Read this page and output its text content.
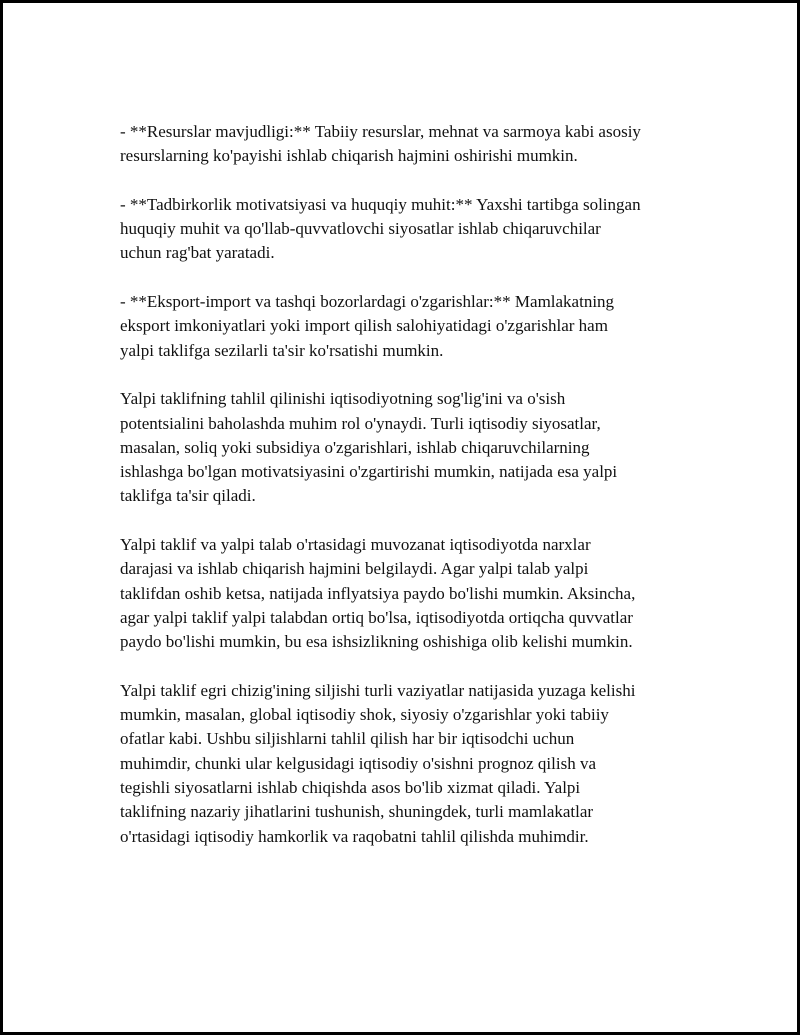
- **Resurslar mavjudligi:** Tabiiy resurslar, mehnat va sarmoya kabi asosiy
resurslarning ko'payishi ishlab chiqarish hajmini oshirishi mumkin.

- **Tadbirkorlik motivatsiyasi va huquqiy muhit:** Yaxshi tartibga solingan
huquqiy muhit va qo'llab-quvvatlovchi siyosatlar ishlab chiqaruvchilar
uchun rag'bat yaratadi.

- **Eksport-import va tashqi bozorlardagi o'zgarishlar:** Mamlakatning
eksport imkoniyatlari yoki import qilish salohiyatidagi o'zgarishlar ham
yalpi taklifga sezilarli ta'sir ko'rsatishi mumkin.

Yalpi taklifning tahlil qilinishi iqtisodiyotning sog'lig'ini va o'sish
potentsialini baholashda muhim rol o'ynaydi. Turli iqtisodiy siyosatlar,
masalan, soliq yoki subsidiya o'zgarishlari, ishlab chiqaruvchilarning
ishlashga bo'lgan motivatsiyasini o'zgartirishi mumkin, natijada esa yalpi
taklifga ta'sir qiladi.

Yalpi taklif va yalpi talab o'rtasidagi muvozanat iqtisodiyotda narxlar
darajasi va ishlab chiqarish hajmini belgilaydi. Agar yalpi talab yalpi
taklifdan oshib ketsa, natijada inflyatsiya paydo bo'lishi mumkin. Aksincha,
agar yalpi taklif yalpi talabdan ortiq bo'lsa, iqtisodiyotda ortiqcha quvvatlar
paydo bo'lishi mumkin, bu esa ishsizlikning oshishiga olib kelishi mumkin.

Yalpi taklif egri chizig'ining siljishi turli vaziyatlar natijasida yuzaga kelishi
mumkin, masalan, global iqtisodiy shok, siyosiy o'zgarishlar yoki tabiiy
ofatlar kabi. Ushbu siljishlarni tahlil qilish har bir iqtisodchi uchun
muhimdir, chunki ular kelgusidagi iqtisodiy o'sishni prognoz qilish va
tegishli siyosatlarni ishlab chiqishda asos bo'lib xizmat qiladi. Yalpi
taklifning nazariy jihatlarini tushunish, shuningdek, turli mamlakatlar
o'rtasidagi iqtisodiy hamkorlik va raqobatni tahlil qilishda muhimdir.
